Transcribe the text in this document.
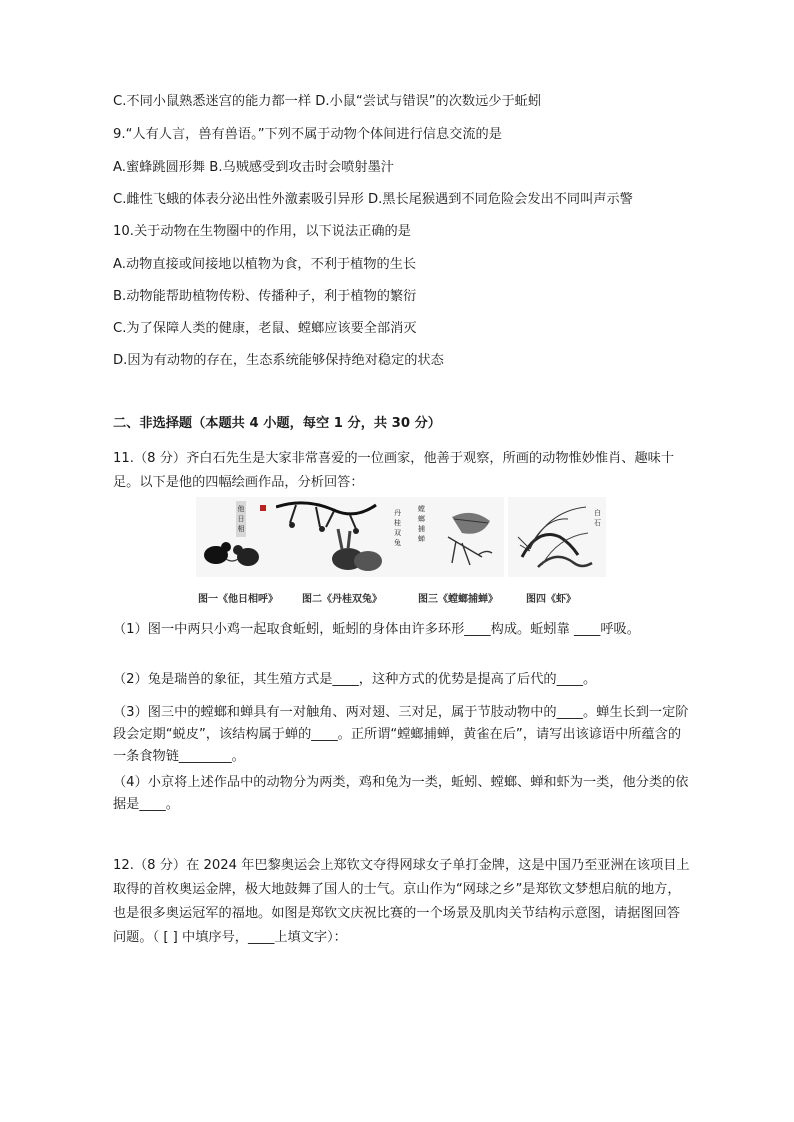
C.不同小鼠熟悉迷宫的能力都一样 D.小鼠“尝试与错误”的次数远少于蚯蚓
9.“人有人言，兽有兽语。”下列不属于动物个体间进行信息交流的是
A.蜜蜂跳圆形舞 B.乌贼感受到攻击时会喷射墨汁
C.雌性飞蛾的体表分泌出性外激素吸引异形 D.黑长尾猴遇到不同危险会发出不同叫声示警
10.关于动物在生物圈中的作用，以下说法正确的是
A.动物直接或间接地以植物为食，不利于植物的生长
B.动物能帮助植物传粉、传播种子，利于植物的繁衍
C.为了保障人类的健康，老鼠、螳螂应该要全部消灭
D.因为有动物的存在，生态系统能够保持绝对稳定的状态
二、非选择题（本题共 4 小题，每空 1 分，共 30 分）
11.（8 分）齐白石先生是大家非常喜爱的一位画家，他善于观察，所画的动物惟妙惟肖、趣味十足。以下是他的四幅绘画作品，分析回答：
他
日
相
丹
桂
双
兔
螳
螂
捕
蝉
白
石
图一《他日相呼》 图二《丹桂双兔》	图三《螳螂捕蝉》	图四《虾》
（1）图一中两只小鸡一起取食蚯蚓，蚯蚓的身体由许多环形____构成。蚯蚓靠 ____呼吸。
（2）兔是瑞兽的象征，其生殖方式是____，这种方式的优势是提高了后代的____。
（3）图三中的螳螂和蝉具有一对触角、两对翅、三对足，属于节肢动物中的____。蝉生长到一定阶段会定期“蜕皮”，该结构属于蝉的____。正所谓“螳螂捕蝉，黄雀在后”，请写出该谚语中所蕴含的一条食物链________。
（4）小京将上述作品中的动物分为两类，鸡和兔为一类，蚯蚓、螳螂、蝉和虾为一类，他分类的依据是____。
12.（8 分）在 2024 年巴黎奥运会上郑钦文夺得网球女子单打金牌，这是中国乃至亚洲在该项目上取得的首枚奥运金牌，极大地鼓舞了国人的士气。京山作为“网球之乡”是郑钦文梦想启航的地方，也是很多奥运冠军的福地。如图是郑钦文庆祝比赛的一个场景及肌肉关节结构示意图，请据图回答问题。（ [ ] 中填序号，____上填文字）：
